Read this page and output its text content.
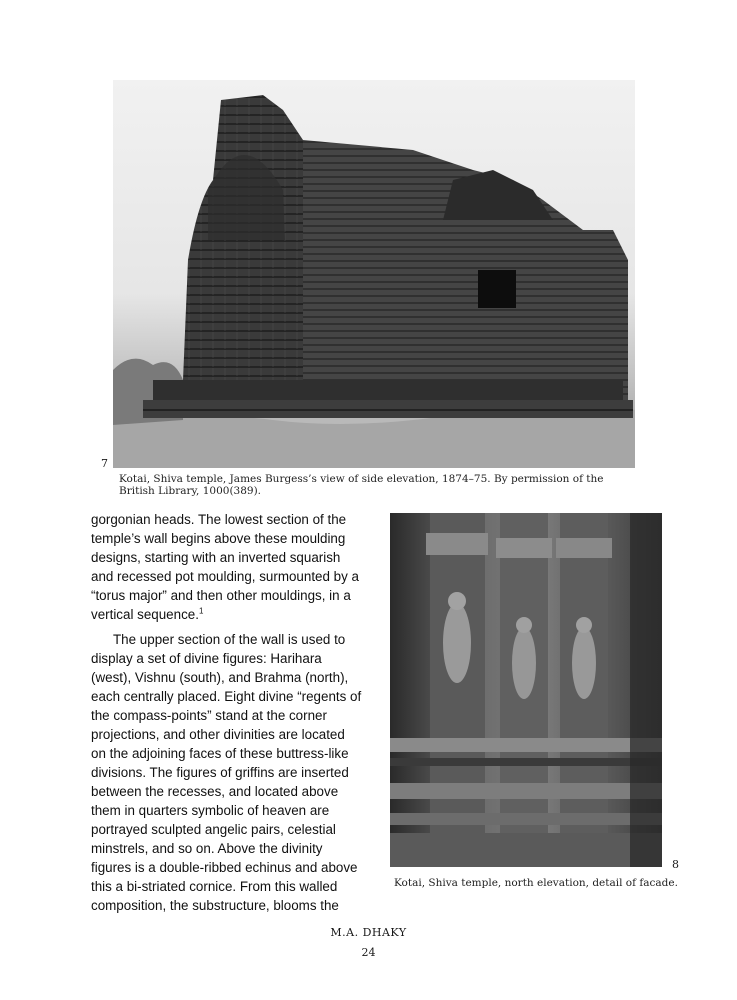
7
Kotai, Shiva temple, James Burgess’s view of side elevation, 1874–75. By permission of the British Library, 1000(389).
8
Kotai, Shiva temple, north elevation, detail of facade.

gorgonian heads. The lowest section of the temple’s wall begins above these moulding designs, starting with an inverted squarish and recessed pot moulding, surmounted by a “torus major” and then other mouldings, in a vertical sequence.$^1$

The upper section of the wall is used to display a set of divine figures: Harihara (west), Vishnu (south), and Brahma (north), each centrally placed. Eight divine “regents of the compass-points” stand at the corner projections, and other divinities are located on the adjoining faces of these buttress-like divisions. The figures of griffins are inserted between the recesses, and located above them in quarters symbolic of heaven are portrayed sculpted angelic pairs, celestial minstrels, and so on. Above the divinity figures is a double-ribbed echinus and above this a bi-striated cornice. From this walled composition, the substructure, blooms the

M.A. DHAKY
24
